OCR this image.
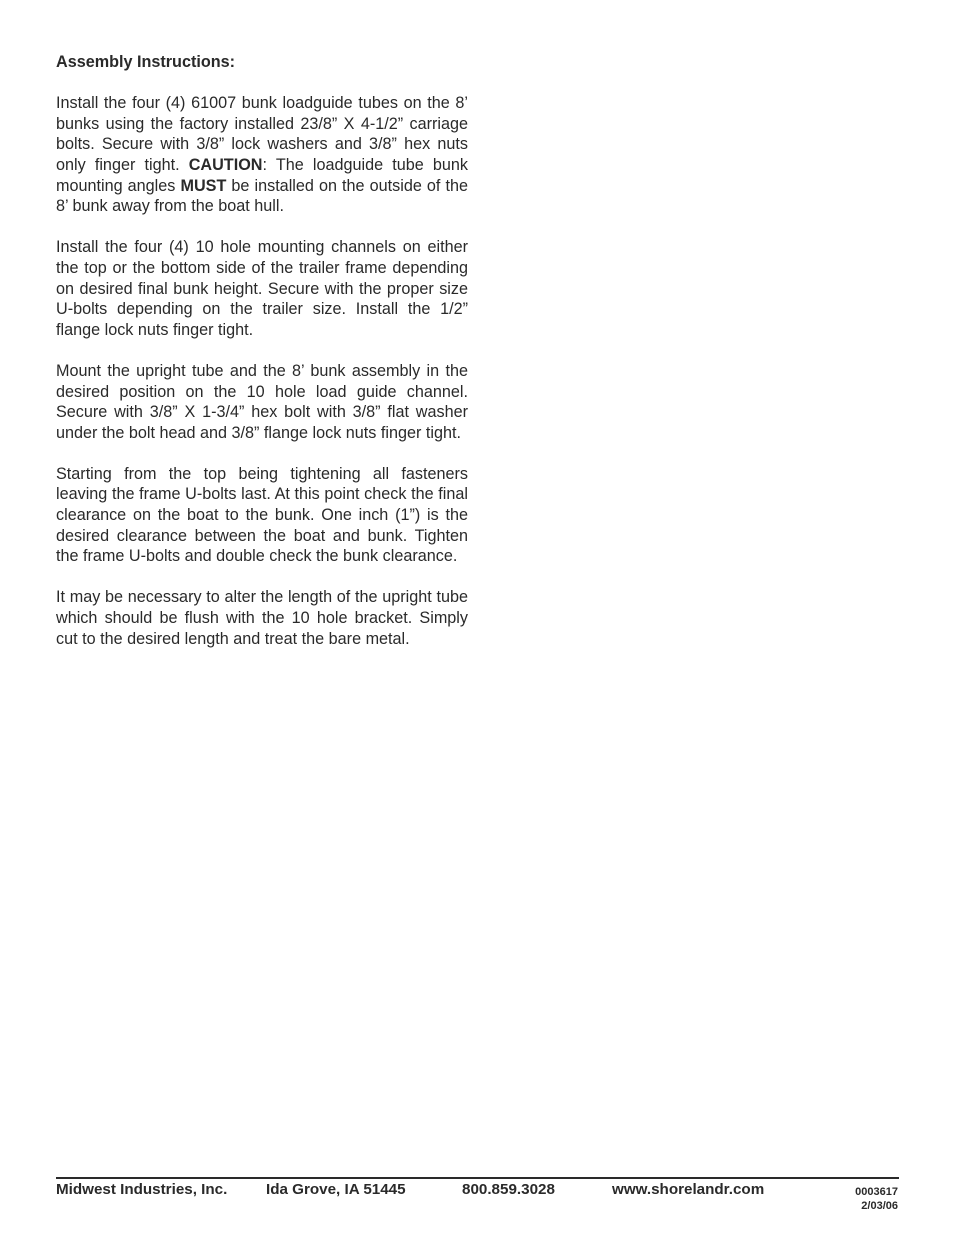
Assembly Instructions:

Install the four (4) 61007 bunk loadguide tubes on the 8’ bunks using the factory installed 23/8” X 4-1/2” carriage bolts. Secure with 3/8” lock washers and 3/8” hex nuts only finger tight. CAUTION: The loadguide tube bunk mounting angles MUST be installed on the outside of the 8’ bunk away from the boat hull.

Install the four (4) 10 hole mounting channels on either the top or the bottom side of the trailer frame depending on desired final bunk height. Secure with the proper size U-bolts depending on the trailer size. Install the 1/2” flange lock nuts finger tight.

Mount the upright tube and the 8’ bunk assembly in the desired position on the 10 hole load guide channel. Secure with 3/8” X 1-3/4” hex bolt with 3/8” flat washer under the bolt head and 3/8” flange lock nuts finger tight.

Starting from the top being tightening all fasteners leaving the frame U-bolts last. At this point check the final clearance on the boat to the bunk. One inch (1”) is the desired clearance between the boat and bunk. Tighten the frame U-bolts and double check the bunk clearance.

It may be necessary to alter the length of the upright tube which should be flush with the 10 hole bracket. Simply cut to the desired length and treat the bare metal.

Midwest Industries, Inc.	Ida Grove, IA 51445	800.859.3028	www.shorelandr.com	0003617
2/03/06
